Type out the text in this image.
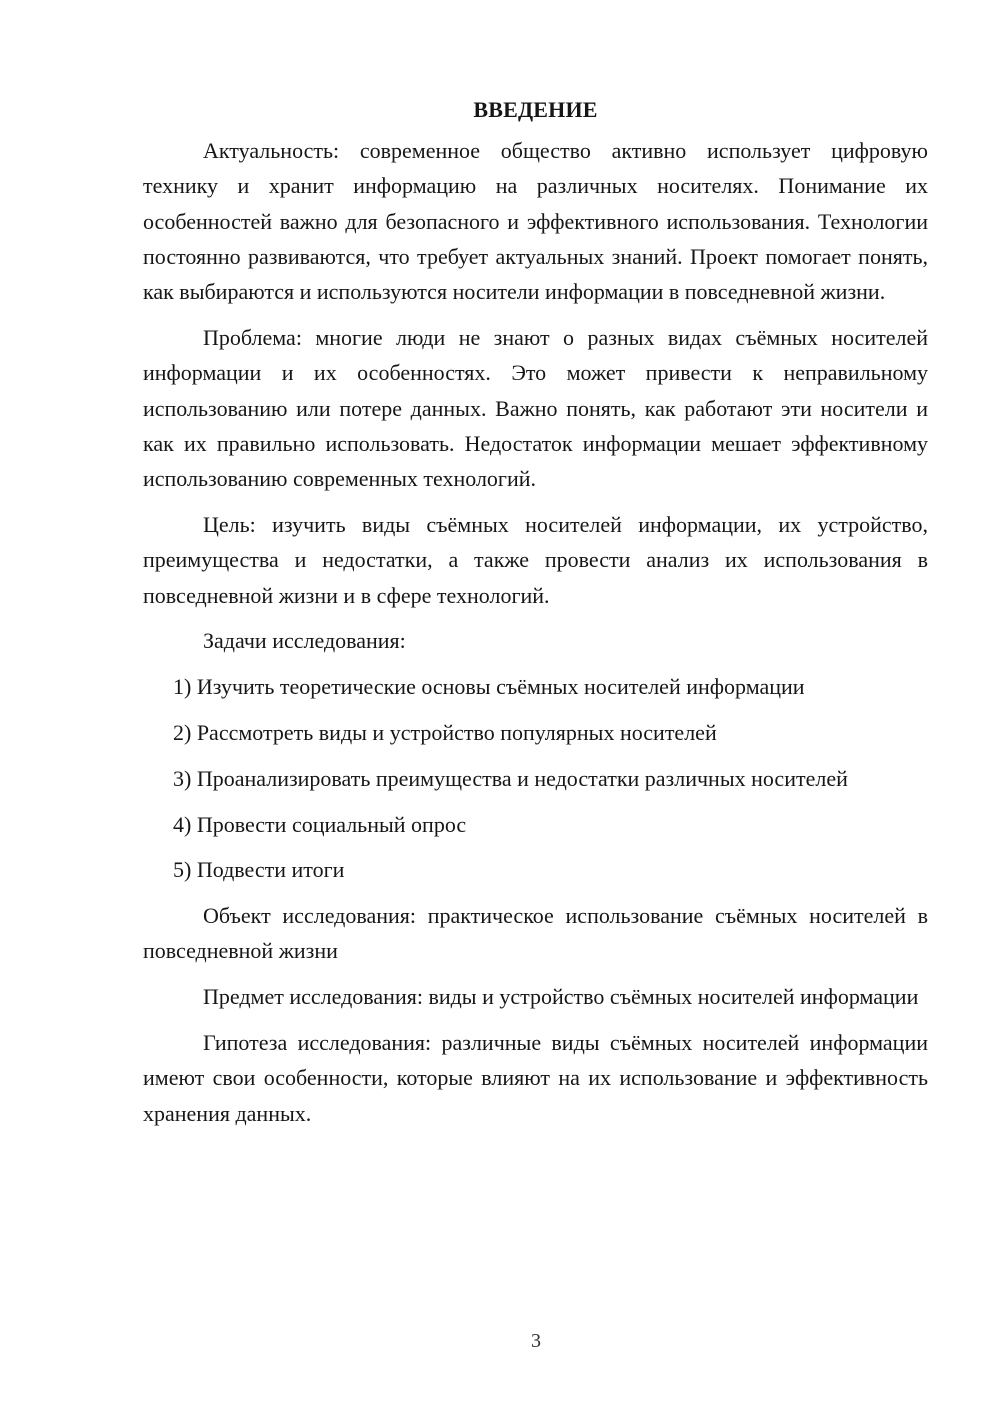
ВВЕДЕНИЕ

Актуальность: современное общество активно использует цифровую технику и хранит информацию на различных носителях. Понимание их особенностей важно для безопасного и эффективного использования. Технологии постоянно развиваются, что требует актуальных знаний. Проект помогает понять, как выбираются и используются носители информации в повседневной жизни.

Проблема: многие люди не знают о разных видах съёмных носителей информации и их особенностях. Это может привести к неправильному использованию или потере данных. Важно понять, как работают эти носители и как их правильно использовать. Недостаток информации мешает эффективному использованию современных технологий.

Цель: изучить виды съёмных носителей информации, их устройство, преимущества и недостатки, а также провести анализ их использования в повседневной жизни и в сфере технологий.

Задачи исследования:

1) Изучить теоретические основы съёмных носителей информации

2) Рассмотреть виды и устройство популярных носителей

3) Проанализировать преимущества и недостатки различных носителей

4) Провести социальный опрос

5) Подвести итоги

Объект исследования: практическое использование съёмных носителей в повседневной жизни

Предмет исследования: виды и устройство съёмных носителей информации

Гипотеза исследования: различные виды съёмных носителей информации имеют свои особенности, которые влияют на их использование и эффективность хранения данных.

3
